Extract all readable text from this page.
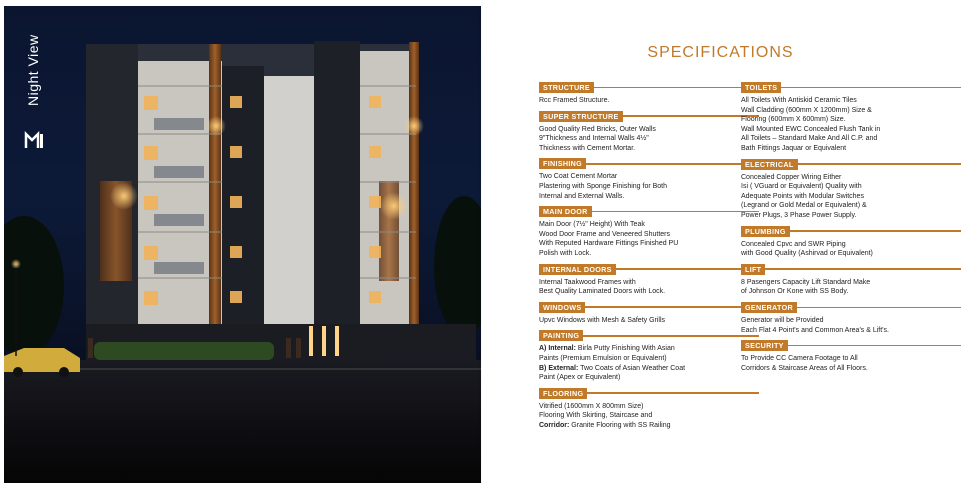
Night View	SPECIFICATIONS
STRUCTURE
Rcc Framed Structure.
SUPER STRUCTURE
Good Quality Red Bricks, Outer Walls
9"Thickness and Internal Walls 4½"
Thickness with Cement Mortar.
FINISHING
Two Coat Cement Mortar
Plastering with Sponge Finishing for Both
Internal and External Walls.
MAIN DOOR
Main Door (7½" Height) With Teak
Wood Door Frame and Veneered Shutters
With Reputed Hardware Fittings Finished PU
Polish with Lock.
INTERNAL DOORS
Internal Taakwood Frames with
Best Quality Laminated Doors with Lock.
WINDOWS
Upvc Windows with Mesh & Safety Grills
PAINTING
A) Internal: Birla Putty Finishing With Asian
Paints (Premium Emulsion or Equivalent)
B) External: Two Coats of Asian Weather Coat
Paint (Apex or Equivalent)
FLOORING
Vitrified (1600mm X 800mm Size)
Flooring With Skirting, Staircase and
Corridor: Granite Flooring with SS Railing
TOILETS
All Toilets With Antiskid Ceramic Tiles
Wall Cladding (600mm X 1200mm) Size &
Flooring (600mm X 600mm) Size.
Wall Mounted EWC Concealed Flush Tank in
All Toilets – Standard Make And All C.P. and
Bath Fittings Jaquar or Equivalent
ELECTRICAL
Concealed Copper Wiring Either
Isi ( VGuard or Equivalent) Quality with
Adequate Points with Modular Switches
(Legrand or Gold Medal or Equivalent) &
Power Plugs, 3 Phase Power Supply.
PLUMBING
Concealed Cpvc and SWR Piping
with Good Quality (Ashirvad or Equivalent)
LIFT
8 Pasengers Capacity Lift Standard Make
of Johnson Or Kone with SS Body.
GENERATOR
Generator will be Provided
Each Flat 4 Point's and Common Area's & Lift's.
SECURITY
To Provide CC Camera Footage to All
Corridors & Staircase Areas of All Floors.
